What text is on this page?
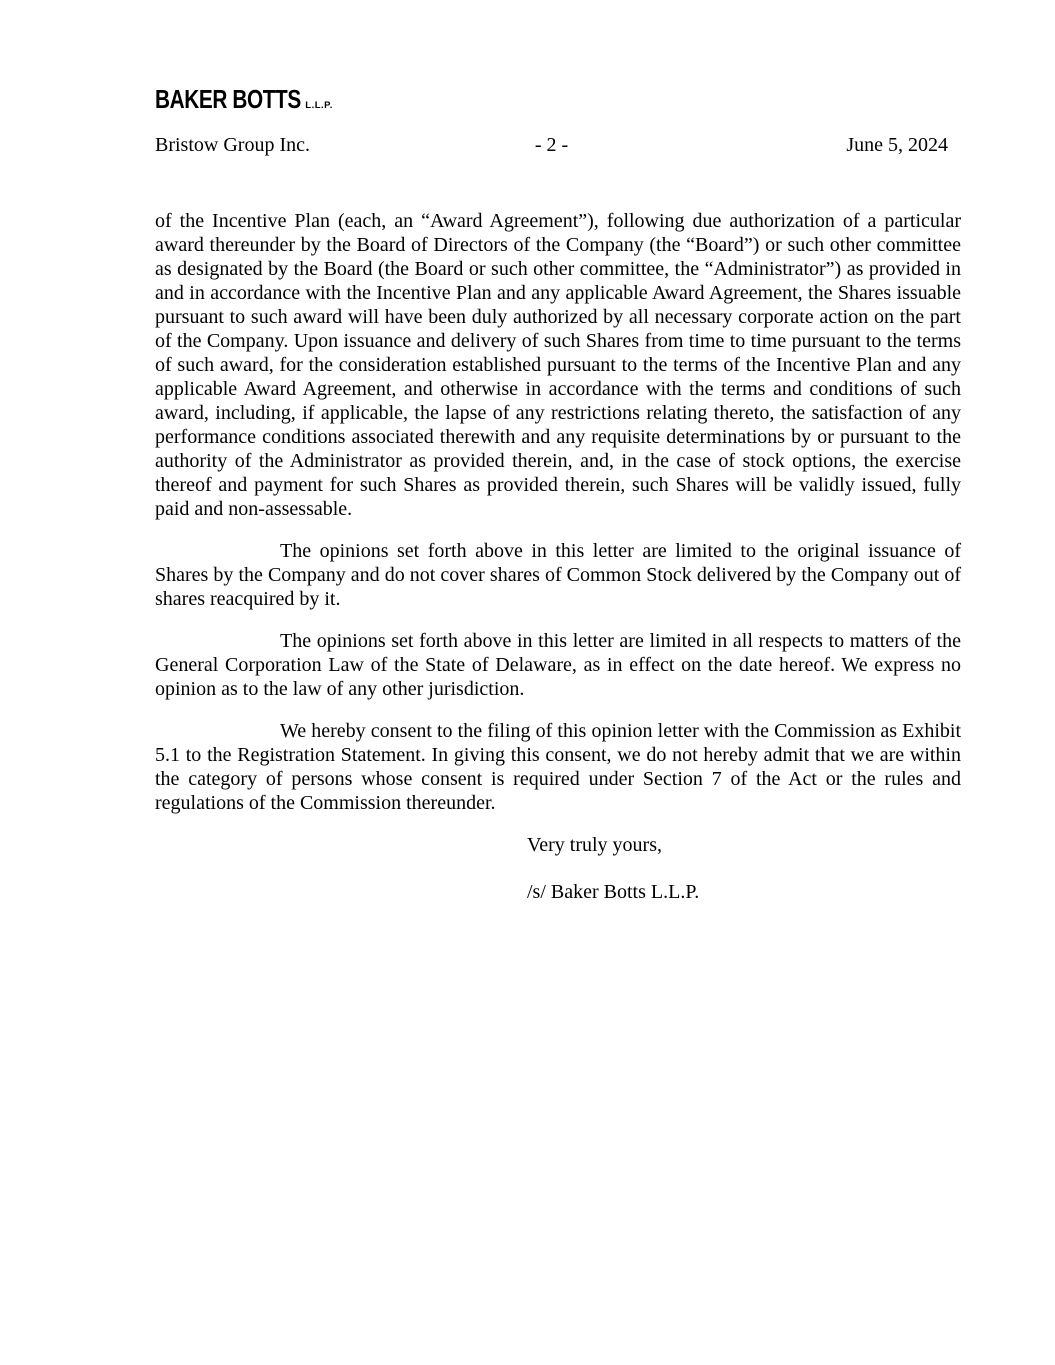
BAKER BOTTS L.L.P.
Bristow Group Inc.	- 2 -	June 5, 2024

of the Incentive Plan (each, an “Award Agreement”), following due authorization of a particular award thereunder by the Board of Directors of the Company (the “Board”) or such other committee as designated by the Board (the Board or such other committee, the “Administrator”) as provided in and in accordance with the Incentive Plan and any applicable Award Agreement, the Shares issuable pursuant to such award will have been duly authorized by all necessary corporate action on the part of the Company. Upon issuance and delivery of such Shares from time to time pursuant to the terms of such award, for the consideration established pursuant to the terms of the Incentive Plan and any applicable Award Agreement, and otherwise in accordance with the terms and conditions of such award, including, if applicable, the lapse of any restrictions relating thereto, the satisfaction of any performance conditions associated therewith and any requisite determinations by or pursuant to the authority of the Administrator as provided therein, and, in the case of stock options, the exercise thereof and payment for such Shares as provided therein, such Shares will be validly issued, fully paid and non-assessable.

The opinions set forth above in this letter are limited to the original issuance of Shares by the Company and do not cover shares of Common Stock delivered by the Company out of shares reacquired by it.

The opinions set forth above in this letter are limited in all respects to matters of the General Corporation Law of the State of Delaware, as in effect on the date hereof. We express no opinion as to the law of any other jurisdiction.

We hereby consent to the filing of this opinion letter with the Commission as Exhibit 5.1 to the Registration Statement. In giving this consent, we do not hereby admit that we are within the category of persons whose consent is required under Section 7 of the Act or the rules and regulations of the Commission thereunder.

Very truly yours,

/s/ Baker Botts L.L.P.
